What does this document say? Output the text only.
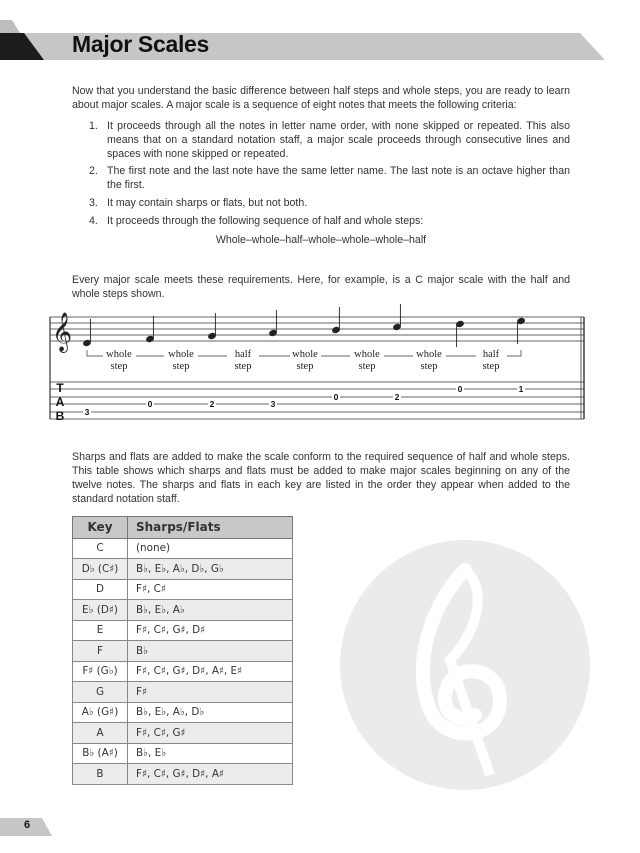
Major Scales
Now that you understand the basic difference between half steps and whole steps, you are ready to learn about major scales. A major scale is a sequence of eight notes that meets the following criteria:
1. It proceeds through all the notes in letter name order, with none skipped or repeated. This also means that on a standard notation staff, a major scale proceeds through consecutive lines and spaces with none skipped or repeated.
2. The first note and the last note have the same letter name. The last note is an octave higher than the first.
3. It may contain sharps or flats, but not both.
4. It proceeds through the following sequence of half and whole steps:
Whole–whole–half–whole–whole–whole–half
Every major scale meets these requirements. Here, for example, is a C major scale with the half and whole steps shown.
𝄞
whole
step
whole
step
half
step
whole
step
whole
step
whole
step
half
step
T
A
B 3
0	2	3
0	2
0	1
Sharps and flats are added to make the scale conform to the required sequence of half and whole steps. This table shows which sharps and flats must be added to make major scales beginning on any of the twelve notes. The sharps and flats in each key are listed in the order they appear when added to the standard notation staff.
Key	Sharps/Flats
C	(none)
D♭ (C♯)	B♭, E♭, A♭, D♭, G♭
D	F♯, C♯
E♭ (D♯)	B♭, E♭, A♭
E	F♯, C♯, G♯, D♯
F	B♭
F♯ (G♭)	F♯, C♯, G♯, D♯, A♯, E♯
G	F♯
A♭ (G♯)	B♭, E♭, A♭, D♭
A	F♯, C♯, G♯
B♭ (A♯)	B♭, E♭
B	F♯, C♯, G♯, D♯, A♯
6
